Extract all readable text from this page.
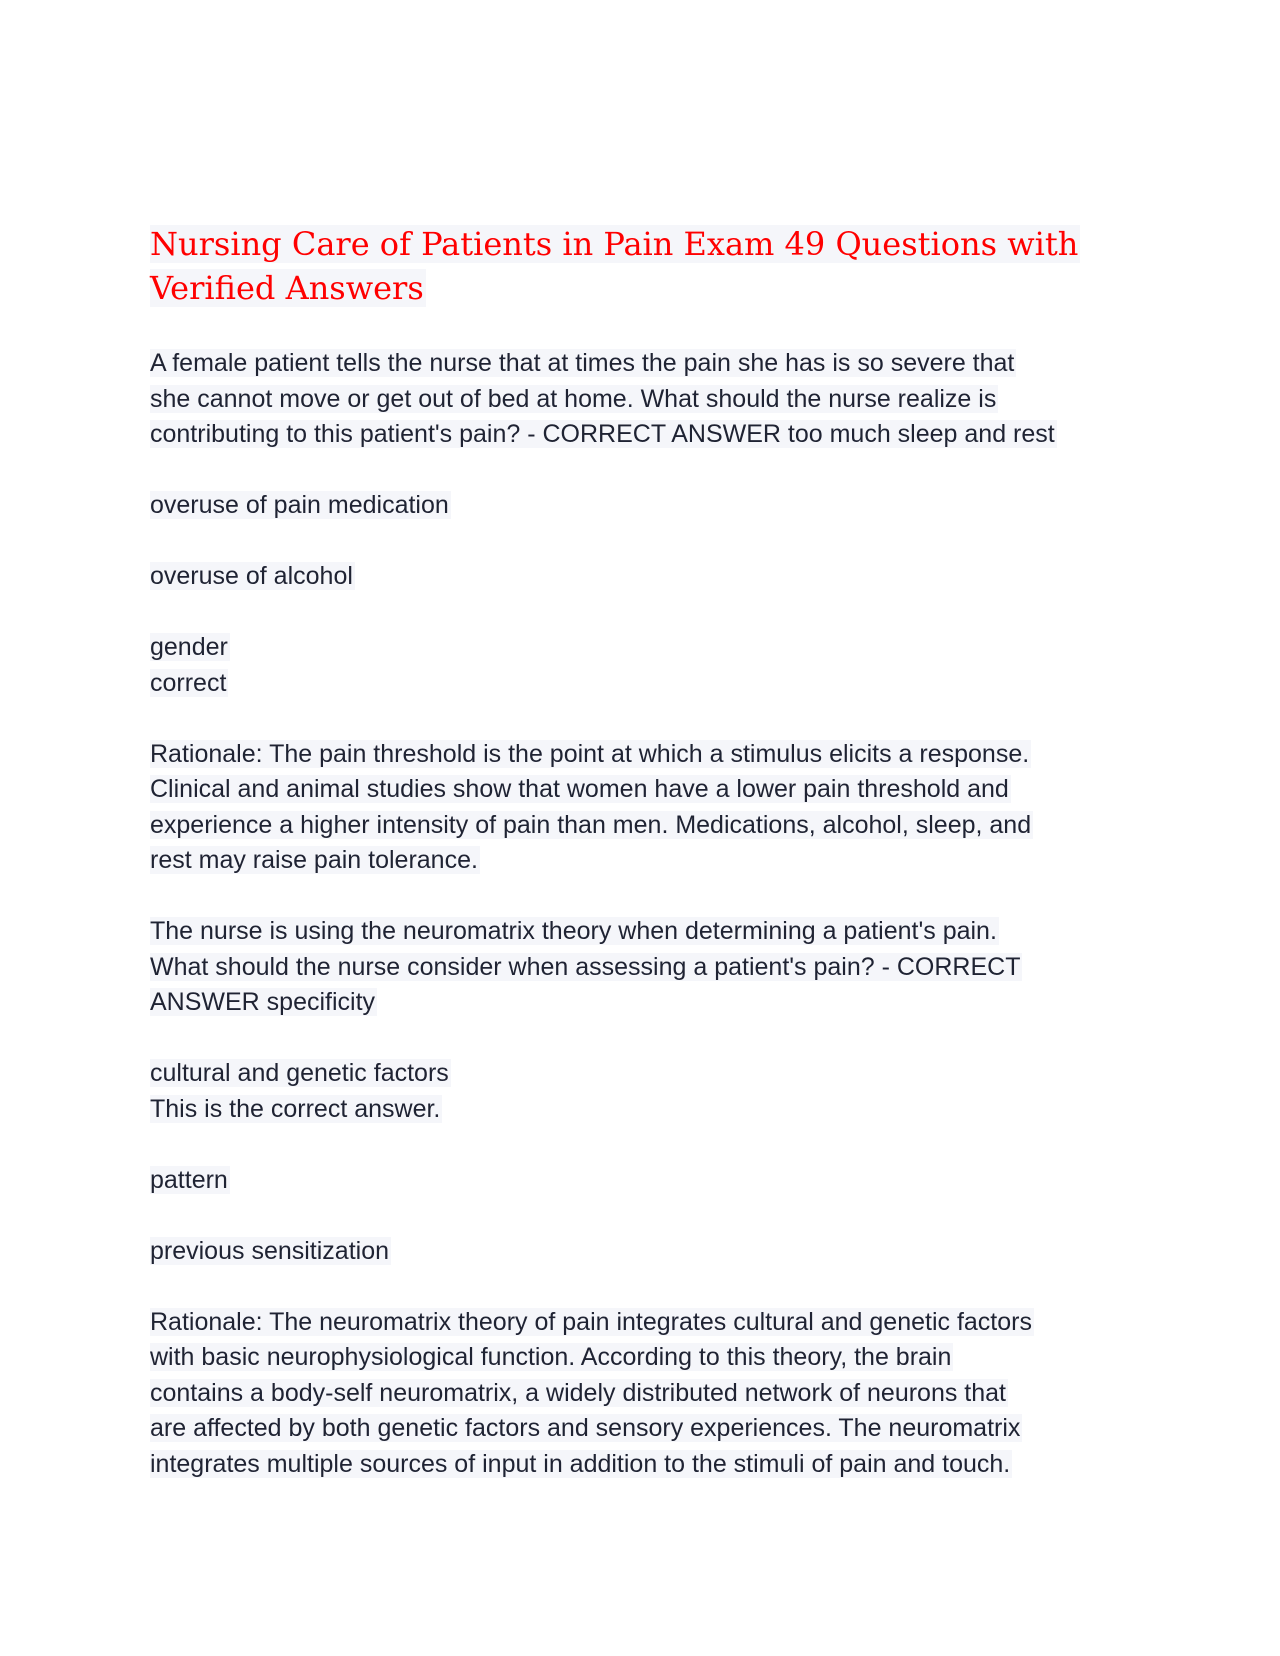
Nursing Care of Patients in Pain Exam 49 Questions with
Verified Answers

A female patient tells the nurse that at times the pain she has is so severe that
she cannot move or get out of bed at home. What should the nurse realize is
contributing to this patient's pain? - CORRECT ANSWER too much sleep and rest

overuse of pain medication

overuse of alcohol

gender
correct

Rationale: The pain threshold is the point at which a stimulus elicits a response.
Clinical and animal studies show that women have a lower pain threshold and
experience a higher intensity of pain than men. Medications, alcohol, sleep, and
rest may raise pain tolerance.

The nurse is using the neuromatrix theory when determining a patient's pain.
What should the nurse consider when assessing a patient's pain? - CORRECT
ANSWER specificity

cultural and genetic factors
This is the correct answer.

pattern

previous sensitization

Rationale: The neuromatrix theory of pain integrates cultural and genetic factors
with basic neurophysiological function. According to this theory, the brain
contains a body-self neuromatrix, a widely distributed network of neurons that
are affected by both genetic factors and sensory experiences. The neuromatrix
integrates multiple sources of input in addition to the stimuli of pain and touch.
